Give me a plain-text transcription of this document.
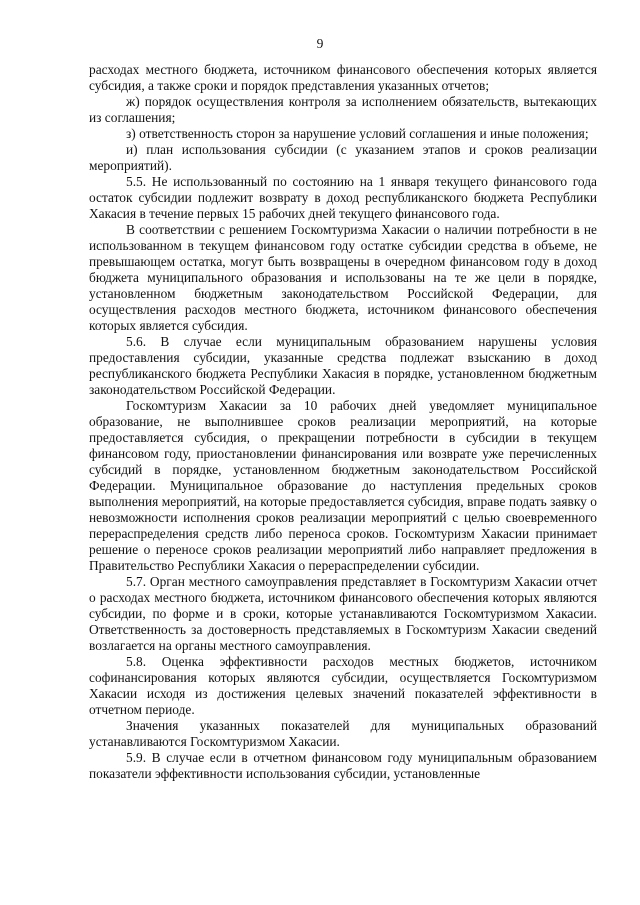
9

расходах местного бюджета, источником финансового обеспечения которых является субсидия, а также сроки и порядок представления указанных отчетов;

ж) порядок осуществления контроля за исполнением обязательств, вытекающих из соглашения;

з) ответственность сторон за нарушение условий соглашения и иные положения;

и) план использования субсидии (с указанием этапов и сроков реализации мероприятий).

5.5. Не использованный по состоянию на 1 января текущего финансового года остаток субсидии подлежит возврату в доход республиканского бюджета Республики Хакасия в течение первых 15 рабочих дней текущего финансового года.

В соответствии с решением Госкомтуризма Хакасии о наличии потребности в не использованном в текущем финансовом году остатке субсидии средства в объеме, не превышающем остатка, могут быть возвращены в очередном финансовом году в доход бюджета муниципального образования и использованы на те же цели в порядке, установленном бюджетным законодательством Российской Федерации, для осуществления расходов местного бюджета, источником финансового обеспечения которых является субсидия.

5.6. В случае если муниципальным образованием нарушены условия предоставления субсидии, указанные средства подлежат взысканию в доход республиканского бюджета Республики Хакасия в порядке, установленном бюджетным законодательством Российской Федерации.

Госкомтуризм Хакасии за 10 рабочих дней уведомляет муниципальное образование, не выполнившее сроков реализации мероприятий, на которые предоставляется субсидия, о прекращении потребности в субсидии в текущем финансовом году, приостановлении финансирования или возврате уже перечисленных субсидий в порядке, установленном бюджетным законодательством Российской Федерации. Муниципальное образование до наступления предельных сроков выполнения мероприятий, на которые предоставляется субсидия, вправе подать заявку о невозможности исполнения сроков реализации мероприятий с целью своевременного перераспределения средств либо переноса сроков. Госкомтуризм Хакасии принимает решение о переносе сроков реализации мероприятий либо направляет предложения в Правительство Республики Хакасия о перераспределении субсидии.

5.7. Орган местного самоуправления представляет в Госкомтуризм Хакасии отчет о расходах местного бюджета, источником финансового обеспечения которых являются субсидии, по форме и в сроки, которые устанавливаются Госкомтуризмом Хакасии. Ответственность за достоверность представляемых в Госкомтуризм Хакасии сведений возлагается на органы местного самоуправления.

5.8. Оценка эффективности расходов местных бюджетов, источником софинансирования которых являются субсидии, осуществляется Госкомтуризмом Хакасии исходя из достижения целевых значений показателей эффективности в отчетном периоде.

Значения указанных показателей для муниципальных образований устанавливаются Госкомтуризмом Хакасии.

5.9. В случае если в отчетном финансовом году муниципальным образованием показатели эффективности использования субсидии, установленные
